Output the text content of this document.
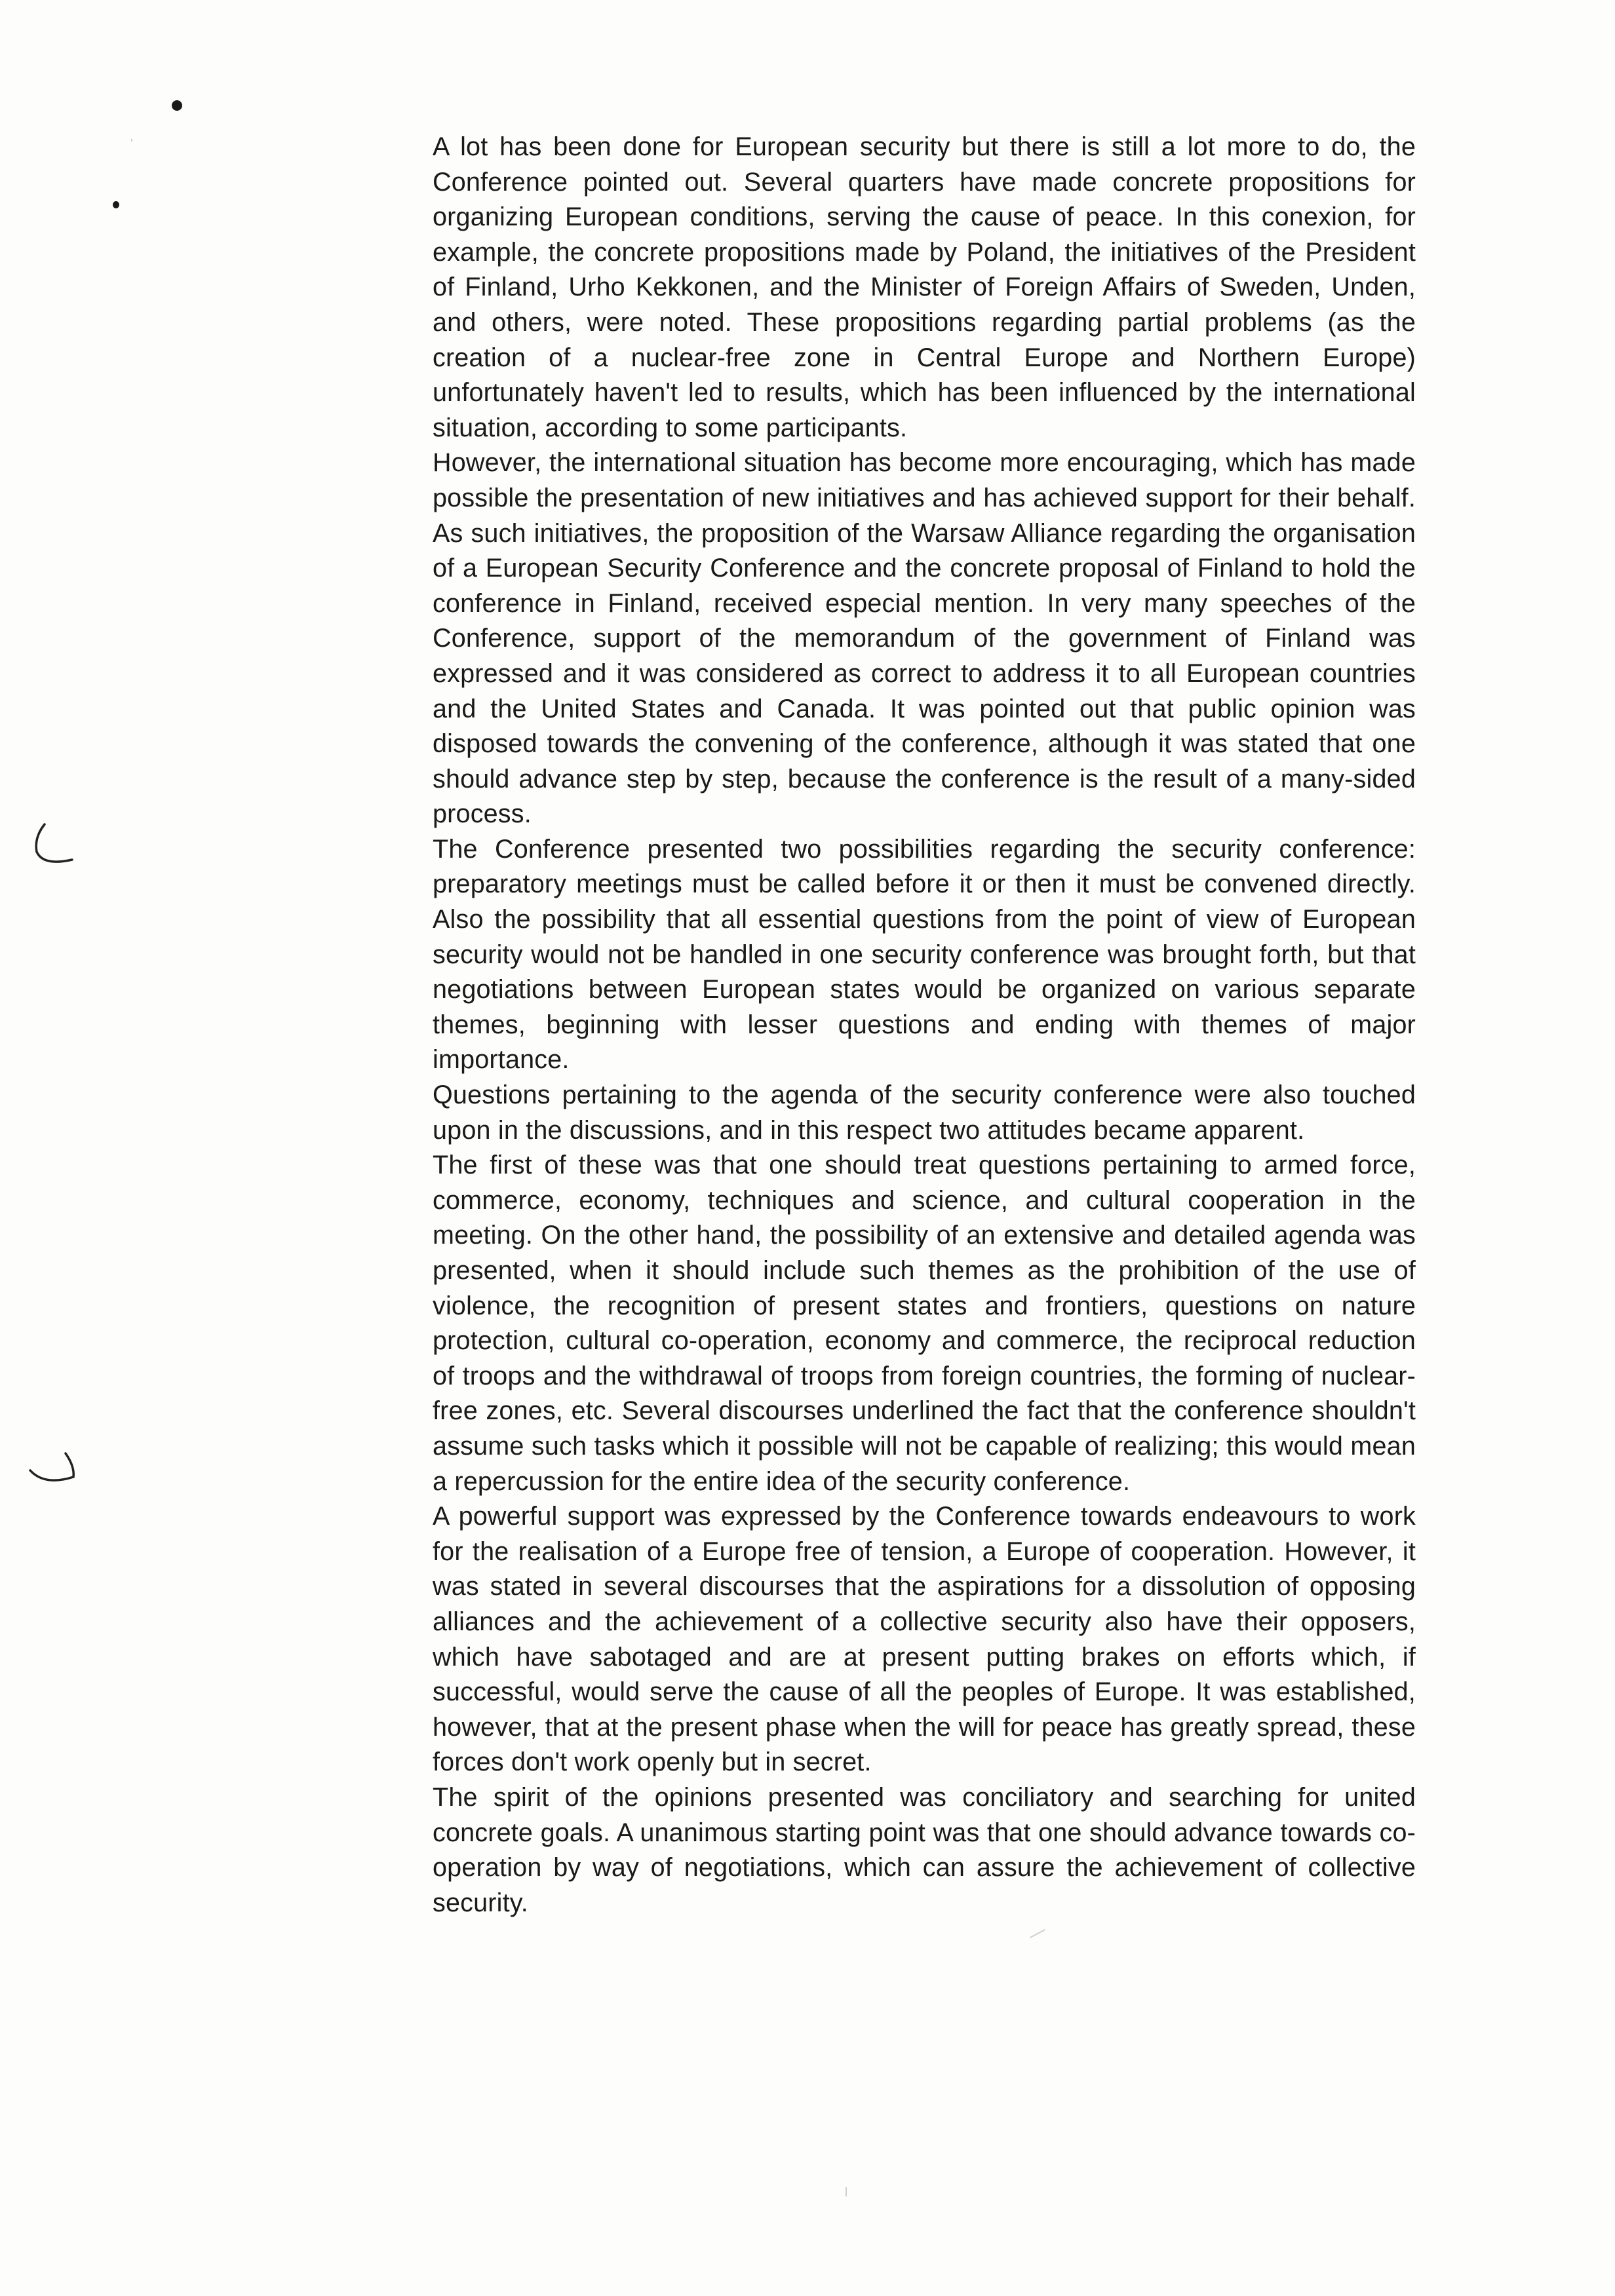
A lot has been done for European security but there is still a lot more to do, the Conference pointed out. Several quarters have made concrete propositions for organizing European conditions, serving the cause of peace. In this conexion, for example, the concrete propositions made by Poland, the initiatives of the President of Finland, Urho Kekkonen, and the Minister of Foreign Affairs of Sweden, Unden, and others, were noted. These propositions regarding partial problems (as the creation of a nuclear-free zone in Central Europe and Northern Europe) unfortunately haven't led to results, which has been influenced by the international situation, according to some participants.

However, the international situation has become more encouraging, which has made possible the presentation of new initiatives and has achieved support for their behalf. As such initiatives, the proposition of the Warsaw Alliance regarding the organisation of a European Security Conference and the concrete proposal of Finland to hold the conference in Finland, received especial mention. In very many speeches of the Conference, support of the memorandum of the government of Finland was expressed and it was considered as correct to address it to all European countries and the United States and Canada. It was pointed out that public opinion was disposed towards the convening of the conference, although it was stated that one should advance step by step, because the conference is the result of a many-sided process.

The Conference presented two possibilities regarding the security conference: preparatory meetings must be called before it or then it must be convened directly. Also the possibility that all essential questions from the point of view of European security would not be handled in one security conference was brought forth, but that negotiations between European states would be organized on various separate themes, beginning with lesser questions and ending with themes of major importance.

Questions pertaining to the agenda of the security conference were also touched upon in the discussions, and in this respect two attitudes became apparent.

The first of these was that one should treat questions pertaining to armed force, commerce, economy, techniques and science, and cultural cooperation in the meeting. On the other hand, the possibility of an extensive and detailed agenda was presented, when it should include such themes as the prohibition of the use of violence, the recognition of present states and frontiers, questions on nature protection, cultural co-operation, economy and commerce, the reciprocal reduction of troops and the withdrawal of troops from foreign countries, the forming of nuclear-free zones, etc. Several discourses underlined the fact that the conference shouldn't assume such tasks which it possible will not be capable of realizing; this would mean a repercussion for the entire idea of the security conference.

A powerful support was expressed by the Conference towards endeavours to work for the realisation of a Europe free of tension, a Europe of cooperation. However, it was stated in several discourses that the aspirations for a dissolution of opposing alliances and the achievement of a collective security also have their opposers, which have sabotaged and are at present putting brakes on efforts which, if successful, would serve the cause of all the peoples of Europe. It was established, however, that at the present phase when the will for peace has greatly spread, these forces don't work openly but in secret.

The spirit of the opinions presented was conciliatory and searching for united concrete goals. A unanimous starting point was that one should advance towards co-operation by way of negotiations, which can assure the achievement of collective security.
